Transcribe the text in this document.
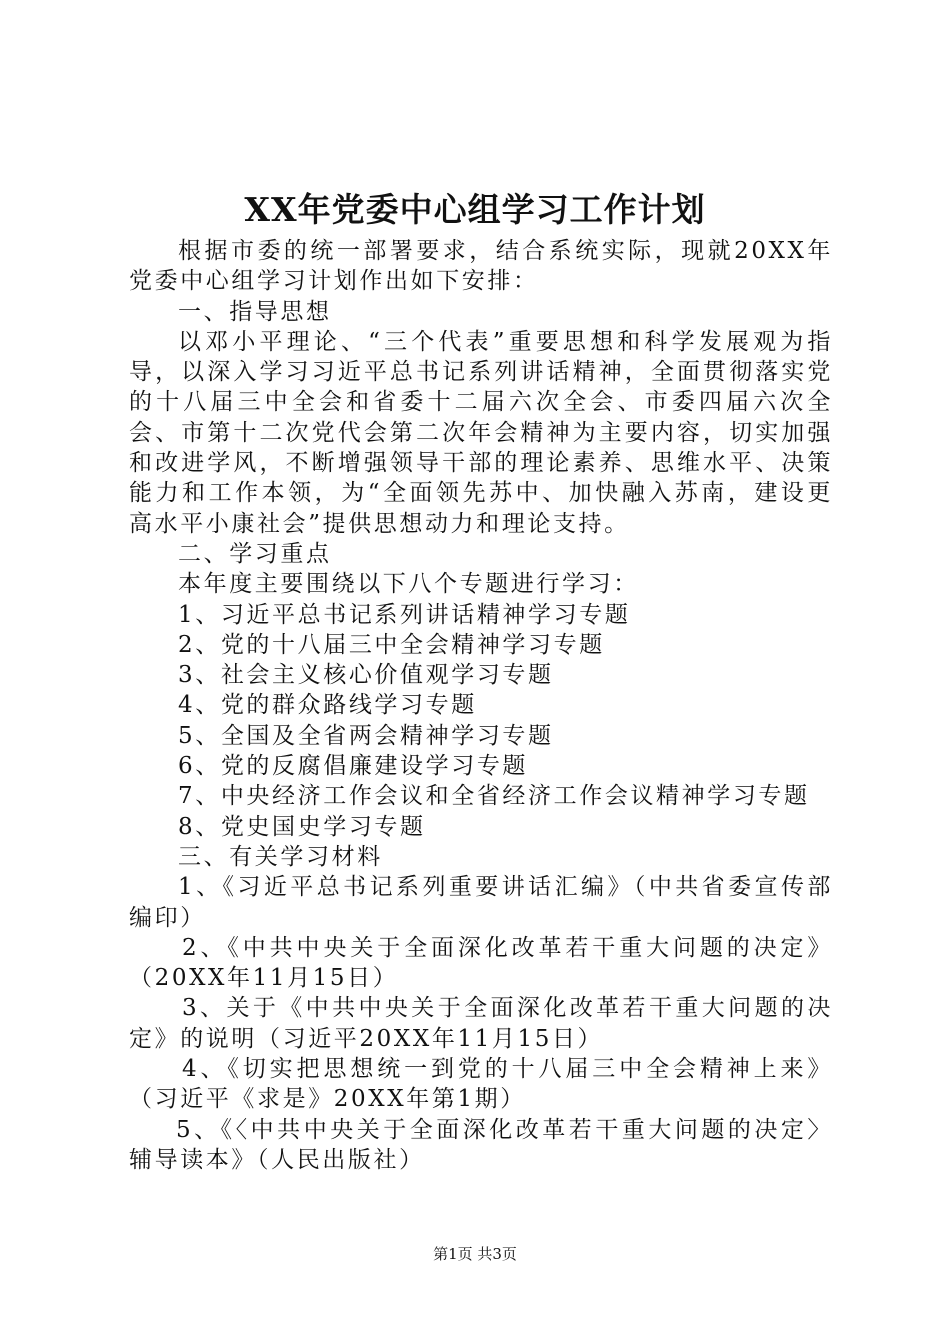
XX年党委中心组学习工作计划

根据市委的统一部署要求，结合系统实际，现就20XX年党委中心组学习计划作出如下安排：

一、指导思想

以邓小平理论、“三个代表”重要思想和科学发展观为指导，以深入学习习近平总书记系列讲话精神，全面贯彻落实党的十八届三中全会和省委十二届六次全会、市委四届六次全会、市第十二次党代会第二次年会精神为主要内容，切实加强和改进学风，不断增强领导干部的理论素养、思维水平、决策能力和工作本领，为“全面领先苏中、加快融入苏南，建设更高水平小康社会”提供思想动力和理论支持。

二、学习重点

本年度主要围绕以下八个专题进行学习：

1、习近平总书记系列讲话精神学习专题

2、党的十八届三中全会精神学习专题

3、社会主义核心价值观学习专题

4、党的群众路线学习专题

5、全国及全省两会精神学习专题

6、党的反腐倡廉建设学习专题

7、中央经济工作会议和全省经济工作会议精神学习专题

8、党史国史学习专题

三、有关学习材料

1、《习近平总书记系列重要讲话汇编》（中共省委宣传部编印）

2、《中共中央关于全面深化改革若干重大问题的决定》（20XX年11月15日）

3、关于《中共中央关于全面深化改革若干重大问题的决定》的说明（习近平20XX年11月15日）

4、《切实把思想统一到党的十八届三中全会精神上来》（习近平《求是》20XX年第1期）

5、《〈中共中央关于全面深化改革若干重大问题的决定〉辅导读本》（人民出版社）

第1页 共3页
